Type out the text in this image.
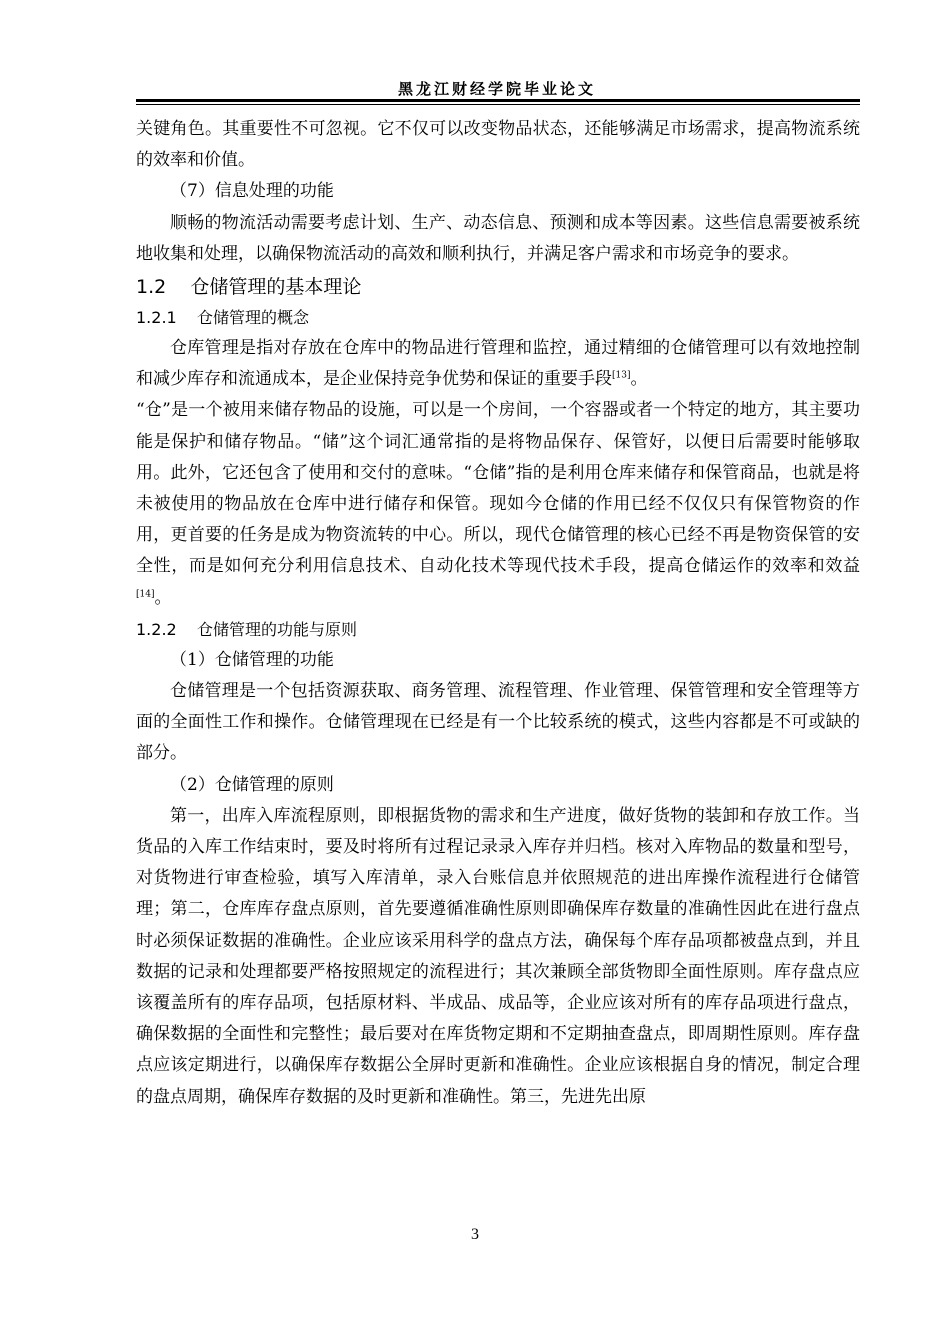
黑龙江财经学院毕业论文

关键角色。其重要性不可忽视。它不仅可以改变物品状态，还能够满足市场需求，提高物流系统的效率和价值。

（7）信息处理的功能

顺畅的物流活动需要考虑计划、生产、动态信息、预测和成本等因素。这些信息需要被系统地收集和处理，以确保物流活动的高效和顺利执行，并满足客户需求和市场竞争的要求。

1.2    仓储管理的基本理论
1.2.1    仓储管理的概念

仓库管理是指对存放在仓库中的物品进行管理和监控，通过精细的仓储管理可以有效地控制和减少库存和流通成本，是企业保持竞争优势和保证的重要手段[13]。

“仓”是一个被用来储存物品的设施，可以是一个房间，一个容器或者一个特定的地方，其主要功能是保护和储存物品。“储”这个词汇通常指的是将物品保存、保管好，以便日后需要时能够取用。此外，它还包含了使用和交付的意味。“仓储”指的是利用仓库来储存和保管商品，也就是将未被使用的物品放在仓库中进行储存和保管。现如今仓储的作用已经不仅仅只有保管物资的作用，更首要的任务是成为物资流转的中心。所以，现代仓储管理的核心已经不再是物资保管的安全性，而是如何充分利用信息技术、自动化技术等现代技术手段，提高仓储运作的效率和效益[14]。

1.2.2    仓储管理的功能与原则

（1）仓储管理的功能

仓储管理是一个包括资源获取、商务管理、流程管理、作业管理、保管管理和安全管理等方面的全面性工作和操作。仓储管理现在已经是有一个比较系统的模式，这些内容都是不可或缺的部分。

（2）仓储管理的原则

第一，出库入库流程原则，即根据货物的需求和生产进度，做好货物的装卸和存放工作。当货品的入库工作结束时，要及时将所有过程记录录入库存并归档。核对入库物品的数量和型号，对货物进行审查检验，填写入库清单，录入台账信息并依照规范的进出库操作流程进行仓储管理；第二，仓库库存盘点原则，首先要遵循准确性原则即确保库存数量的准确性因此在进行盘点时必须保证数据的准确性。企业应该采用科学的盘点方法，确保每个库存品项都被盘点到，并且数据的记录和处理都要严格按照规定的流程进行；其次兼顾全部货物即全面性原则。库存盘点应该覆盖所有的库存品项，包括原材料、半成品、成品等，企业应该对所有的库存品项进行盘点，确保数据的全面性和完整性；最后要对在库货物定期和不定期抽查盘点，即周期性原则。库存盘点应该定期进行，以确保库存数据公全屏时更新和准确性。企业应该根据自身的情况，制定合理的盘点周期，确保库存数据的及时更新和准确性。第三，先进先出原

3
